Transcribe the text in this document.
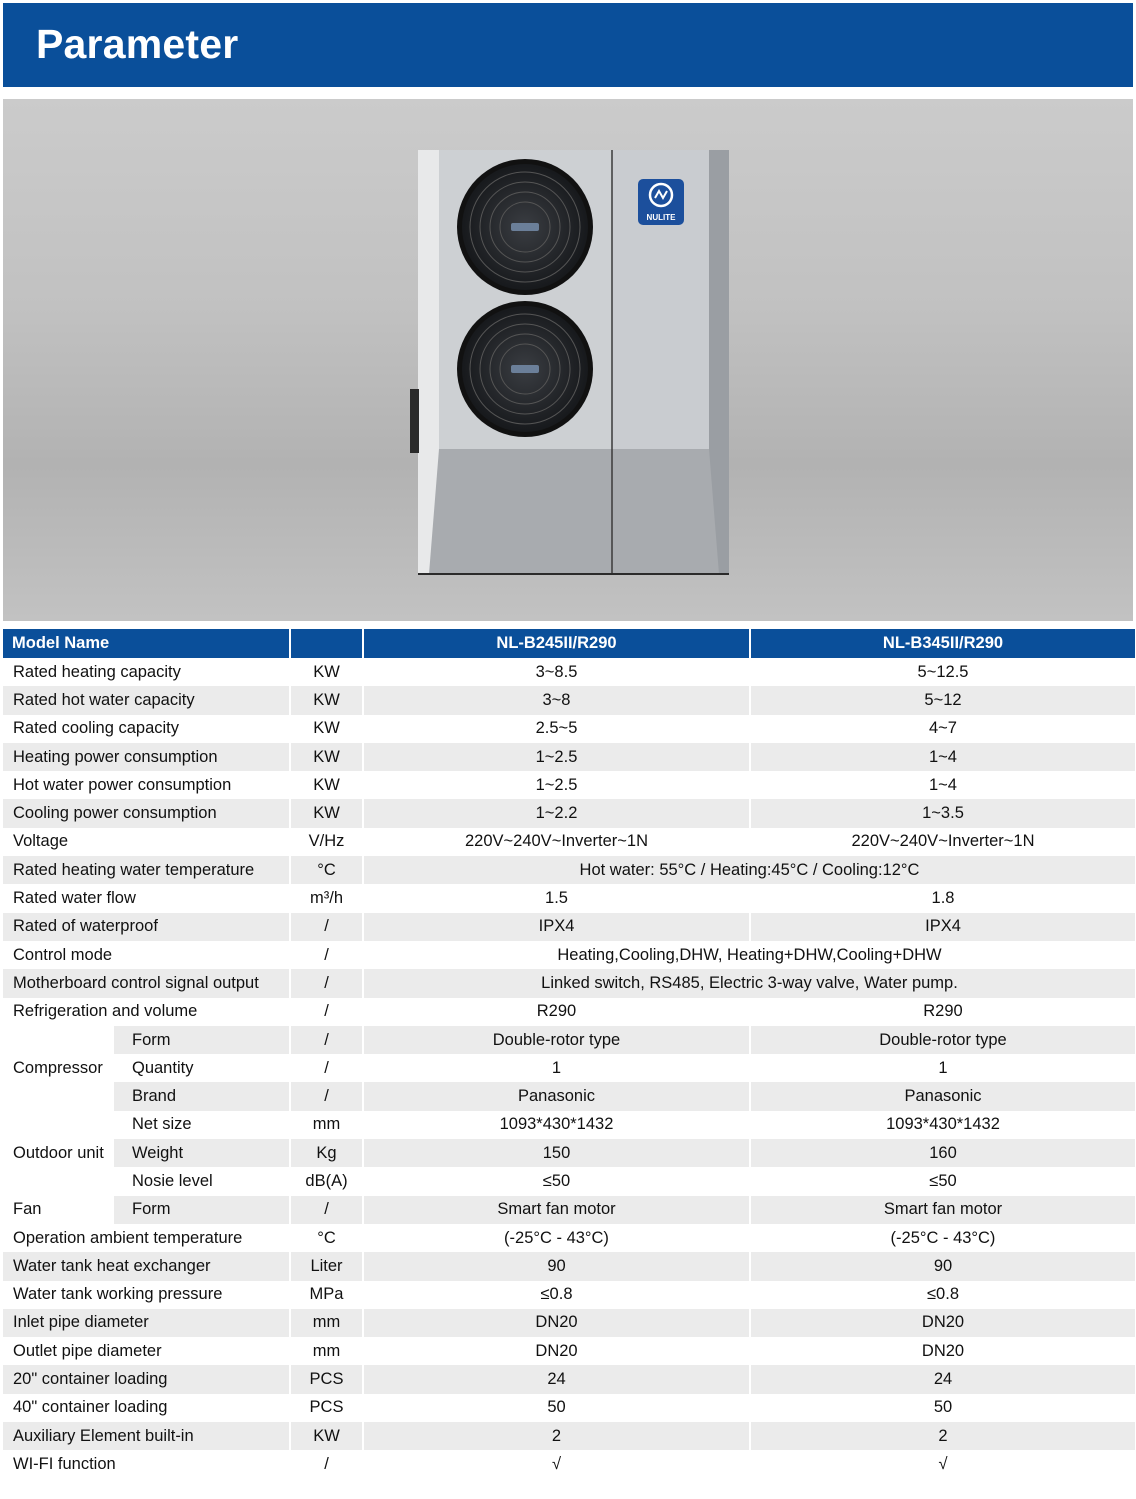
Parameter
NULITE
Model Name			NL-B245II/R290	NL-B345II/R290
Rated heating capacity		KW	3~8.5	5~12.5
Rated hot water capacity		KW	3~8	5~12
Rated cooling capacity		KW	2.5~5	4~7
Heating power consumption		KW	1~2.5	1~4
Hot water power consumption		KW	1~2.5	1~4
Cooling power consumption		KW	1~2.2	1~3.5
Voltage		V/Hz	220V~240V~Inverter~1N	220V~240V~Inverter~1N
Rated heating water temperature		°C	Hot water: 55°C / Heating:45°C / Cooling:12°C	
Rated water flow		m³/h	1.5	1.8
Rated of waterproof		/	IPX4	IPX4
Control mode		/	Heating,Cooling,DHW, Heating+DHW,Cooling+DHW	
Motherboard control signal output		/	Linked switch, RS485, Electric 3-way valve, Water pump.	
Refrigeration and volume		/	R290	R290
Compressor	Form	/	Double-rotor type	Double-rotor type
	Quantity	/	1	1
	Brand	/	Panasonic	Panasonic
Outdoor unit	Net size	mm	1093*430*1432	1093*430*1432
	Weight	Kg	150	160
	Nosie level	dB(A)	≤50	≤50
Fan	Form	/	Smart fan motor	Smart fan motor
Operation ambient temperature		°C	(-25°C - 43°C)	(-25°C - 43°C)
Water tank heat exchanger		Liter	90	90
Water tank working pressure		MPa	≤0.8	≤0.8
Inlet pipe diameter		mm	DN20	DN20
Outlet pipe diameter		mm	DN20	DN20
20" container loading		PCS	24	24
40" container loading		PCS	50	50
Auxiliary Element built-in		KW	2	2
WI-FI function		/	√	√
